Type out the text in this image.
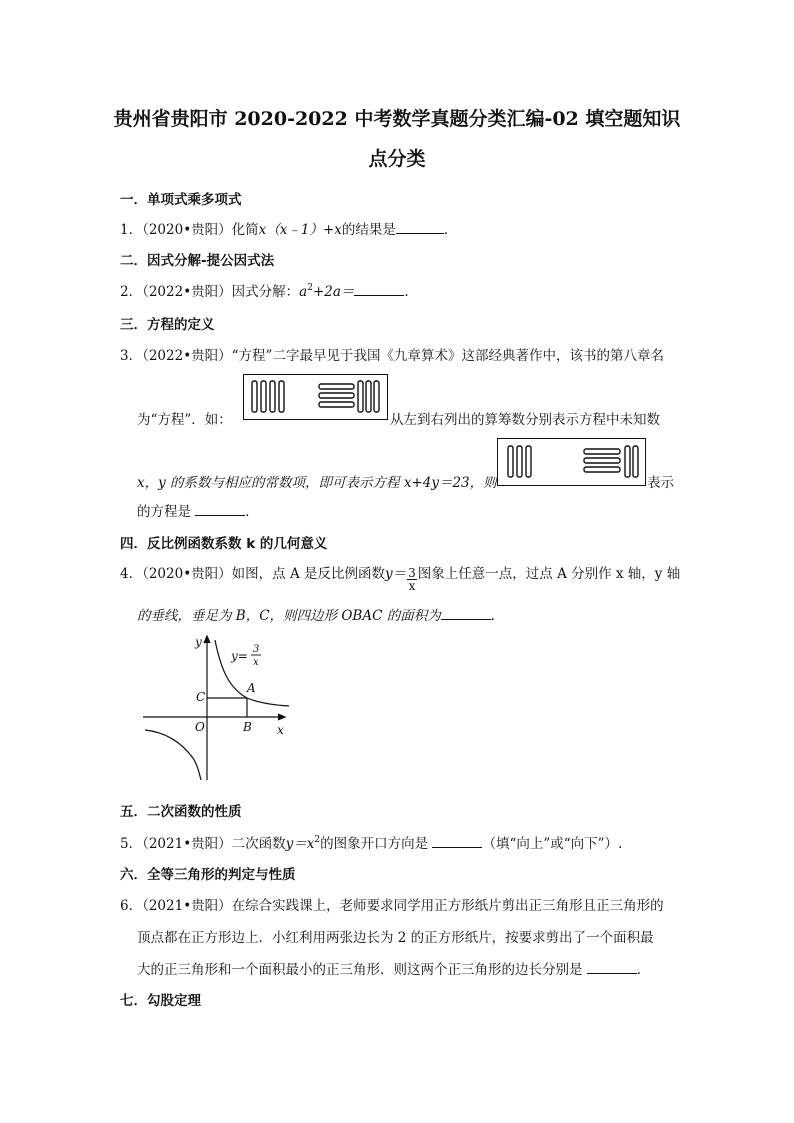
贵州省贵阳市 2020-2022 中考数学真题分类汇编-02 填空题知识
点分类
一．单项式乘多项式
1．（2020•贵阳）化简x（x﹣1）+x的结果是	．
二．因式分解-提公因式法
2．（2022•贵阳）因式分解：$a^2+2a=$	．
三．方程的定义
3．（2022•贵阳）“方程”二字最早见于我国《九章算术》这部经典著作中，该书的第八章名
为“方程”．如：	从左到右列出的算筹数分别表示方程中未知数
x，y 的系数与相应的常数项，即可表示方程 x+4y＝23，则	表示
的方程是	．
四．反比例函数系数 k 的几何意义
4．（2020•贵阳）如图，点 A 是反比例函数$y= \frac{3}{x}$ 图象上任意一点，过点 A 分别作 x 轴，y 轴
的垂线，垂足为 B，C，则四边形 OBAC 的面积为	．
y
x
y=
C
A
O	B
3
x
五．二次函数的性质
5．（2021•贵阳）二次函数$y=x^2$的图象开口方向是	（填“向上”或“向下”）.
六．全等三角形的判定与性质
6．（2021•贵阳）在综合实践课上，老师要求同学用正方形纸片剪出正三角形且正三角形的
顶点都在正方形边上．小红利用两张边长为 2 的正方形纸片，按要求剪出了一个面积最
大的正三角形和一个面积最小的正三角形．则这两个正三角形的边长分别是	．
七．勾股定理
